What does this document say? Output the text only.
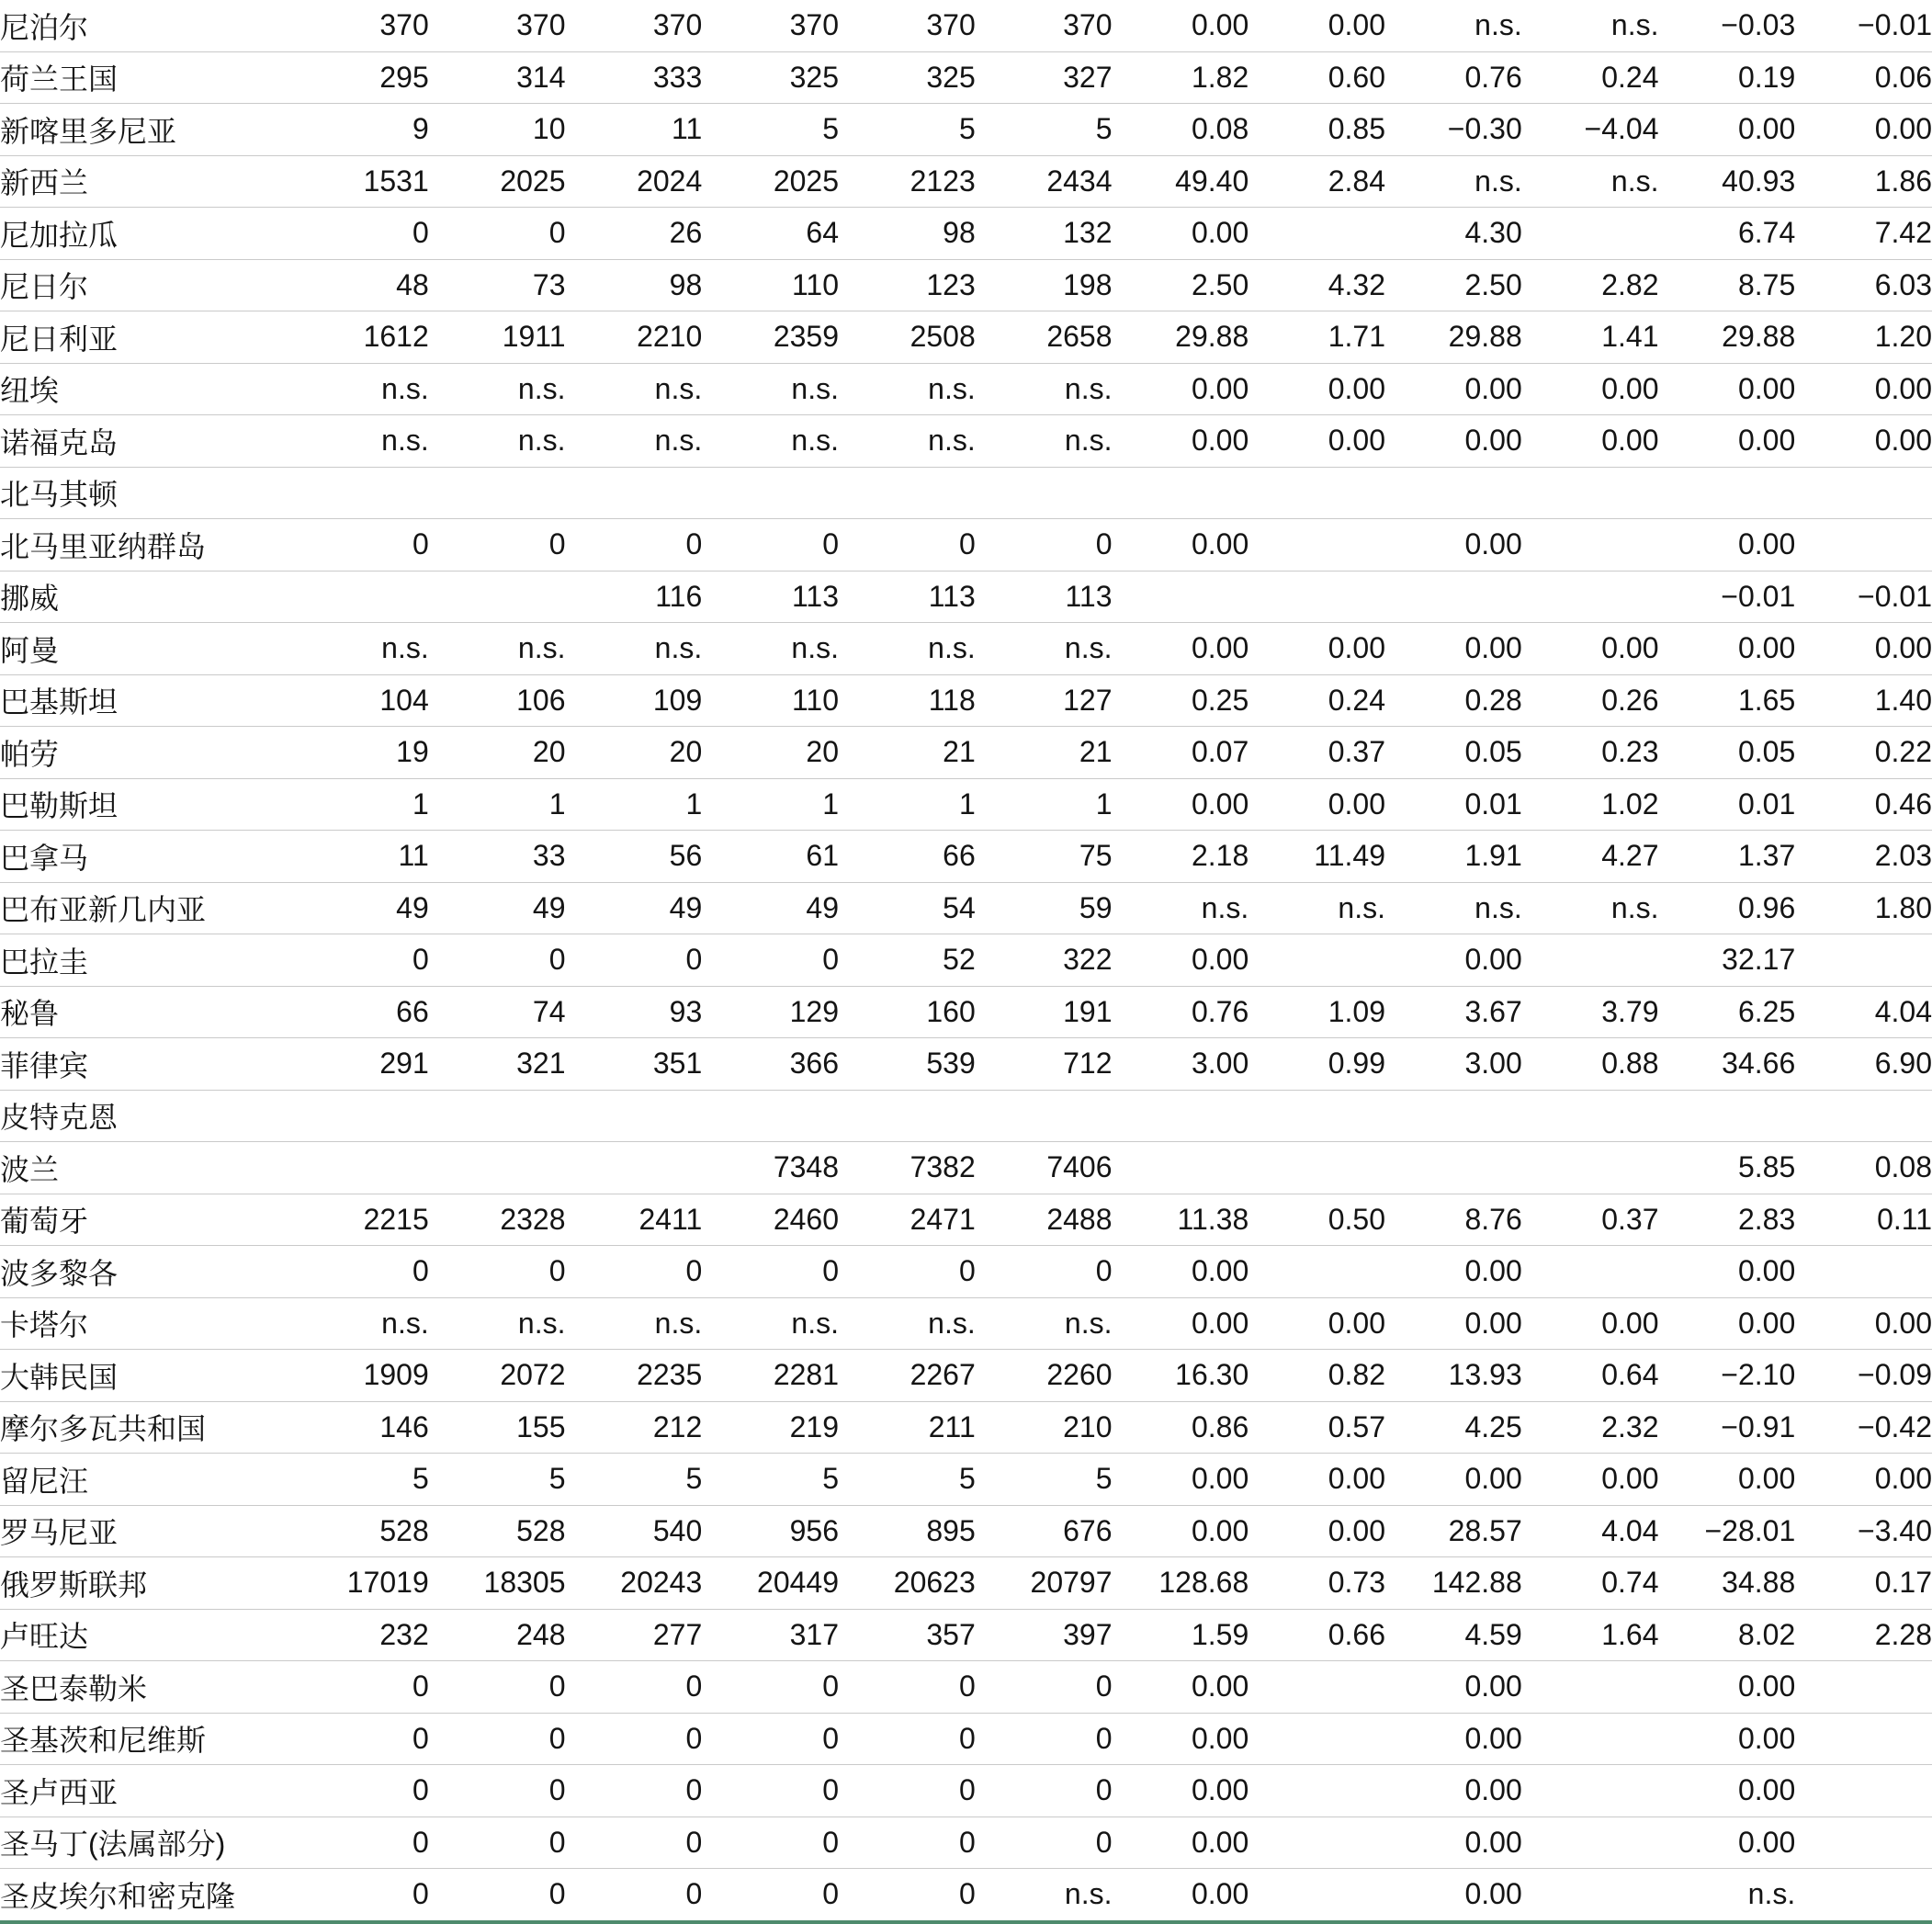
尼泊尔	370	370	370	370	370	370	0.00	0.00	n.s.	n.s.	−0.03	−0.01
荷兰王国	295	314	333	325	325	327	1.82	0.60	0.76	0.24	0.19	0.06
新喀里多尼亚	9	10	11	5	5	5	0.08	0.85	−0.30	−4.04	0.00	0.00
新西兰	1531	2025	2024	2025	2123	2434	49.40	2.84	n.s.	n.s.	40.93	1.86
尼加拉瓜	0	0	26	64	98	132	0.00		4.30		6.74	7.42
尼日尔	48	73	98	110	123	198	2.50	4.32	2.50	2.82	8.75	6.03
尼日利亚	1612	1911	2210	2359	2508	2658	29.88	1.71	29.88	1.41	29.88	1.20
纽埃	n.s.	n.s.	n.s.	n.s.	n.s.	n.s.	0.00	0.00	0.00	0.00	0.00	0.00
诺福克岛	n.s.	n.s.	n.s.	n.s.	n.s.	n.s.	0.00	0.00	0.00	0.00	0.00	0.00
北马其顿												
北马里亚纳群岛	0	0	0	0	0	0	0.00		0.00		0.00	
挪威			116	113	113	113					−0.01	−0.01
阿曼	n.s.	n.s.	n.s.	n.s.	n.s.	n.s.	0.00	0.00	0.00	0.00	0.00	0.00
巴基斯坦	104	106	109	110	118	127	0.25	0.24	0.28	0.26	1.65	1.40
帕劳	19	20	20	20	21	21	0.07	0.37	0.05	0.23	0.05	0.22
巴勒斯坦	1	1	1	1	1	1	0.00	0.00	0.01	1.02	0.01	0.46
巴拿马	11	33	56	61	66	75	2.18	11.49	1.91	4.27	1.37	2.03
巴布亚新几内亚	49	49	49	49	54	59	n.s.	n.s.	n.s.	n.s.	0.96	1.80
巴拉圭	0	0	0	0	52	322	0.00		0.00		32.17	
秘鲁	66	74	93	129	160	191	0.76	1.09	3.67	3.79	6.25	4.04
菲律宾	291	321	351	366	539	712	3.00	0.99	3.00	0.88	34.66	6.90
皮特克恩												
波兰				7348	7382	7406					5.85	0.08
葡萄牙	2215	2328	2411	2460	2471	2488	11.38	0.50	8.76	0.37	2.83	0.11
波多黎各	0	0	0	0	0	0	0.00		0.00		0.00	
卡塔尔	n.s.	n.s.	n.s.	n.s.	n.s.	n.s.	0.00	0.00	0.00	0.00	0.00	0.00
大韩民国	1909	2072	2235	2281	2267	2260	16.30	0.82	13.93	0.64	−2.10	−0.09
摩尔多瓦共和国	146	155	212	219	211	210	0.86	0.57	4.25	2.32	−0.91	−0.42
留尼汪	5	5	5	5	5	5	0.00	0.00	0.00	0.00	0.00	0.00
罗马尼亚	528	528	540	956	895	676	0.00	0.00	28.57	4.04	−28.01	−3.40
俄罗斯联邦	17019	18305	20243	20449	20623	20797	128.68	0.73	142.88	0.74	34.88	0.17
卢旺达	232	248	277	317	357	397	1.59	0.66	4.59	1.64	8.02	2.28
圣巴泰勒米	0	0	0	0	0	0	0.00		0.00		0.00	
圣基茨和尼维斯	0	0	0	0	0	0	0.00		0.00		0.00	
圣卢西亚	0	0	0	0	0	0	0.00		0.00		0.00	
圣马丁(法属部分)	0	0	0	0	0	0	0.00		0.00		0.00	
圣皮埃尔和密克隆	0	0	0	0	0	n.s.	0.00		0.00		n.s.	
